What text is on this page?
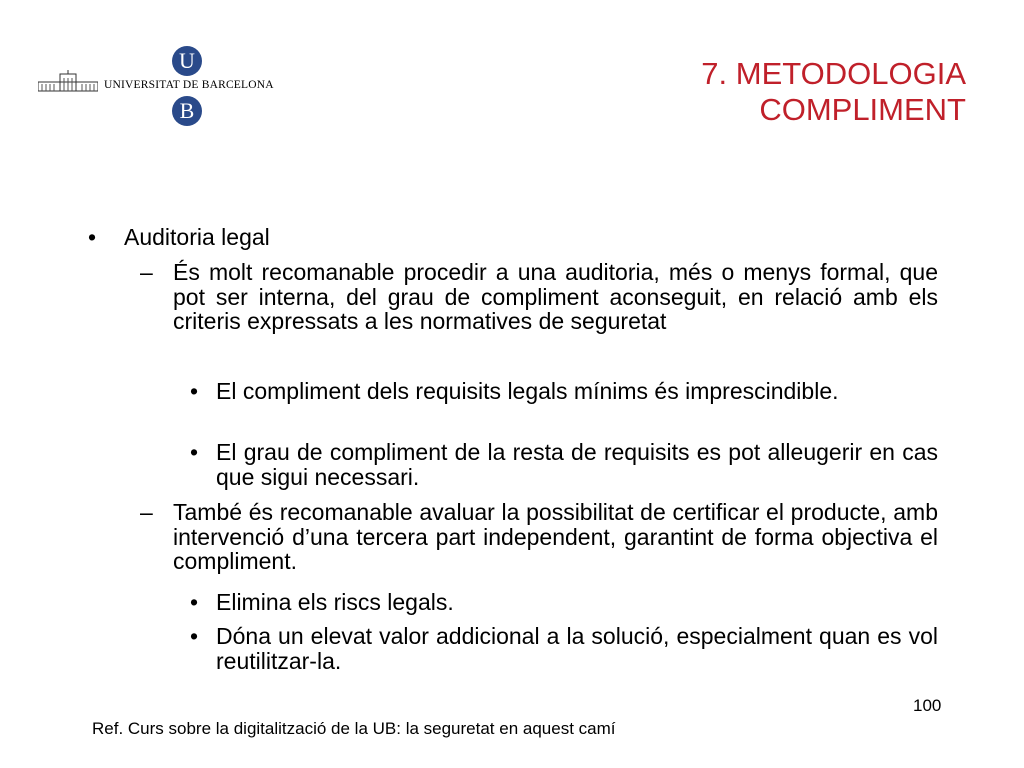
UNIVERSITAT DE BARCELONA
U
B
7. METODOLOGIA
COMPLIMENT
• Auditoria legal
– És molt recomanable procedir a una auditoria, més o menys formal, que pot ser interna, del grau de compliment aconseguit, en relació amb els criteris expressats a les normatives de seguretat
• El compliment dels requisits legals mínims és imprescindible.
• El grau de compliment de la resta de requisits es pot alleugerir en cas que sigui necessari.
– També és recomanable avaluar la possibilitat de certificar el producte, amb intervenció d’una tercera part independent, garantint de forma objectiva el compliment.
• Elimina els riscs legals.
• Dóna un elevat valor addicional a la solució, especialment quan es vol reutilitzar-la.
100
Ref. Curs sobre la digitalització de la UB: la seguretat en aquest camí
